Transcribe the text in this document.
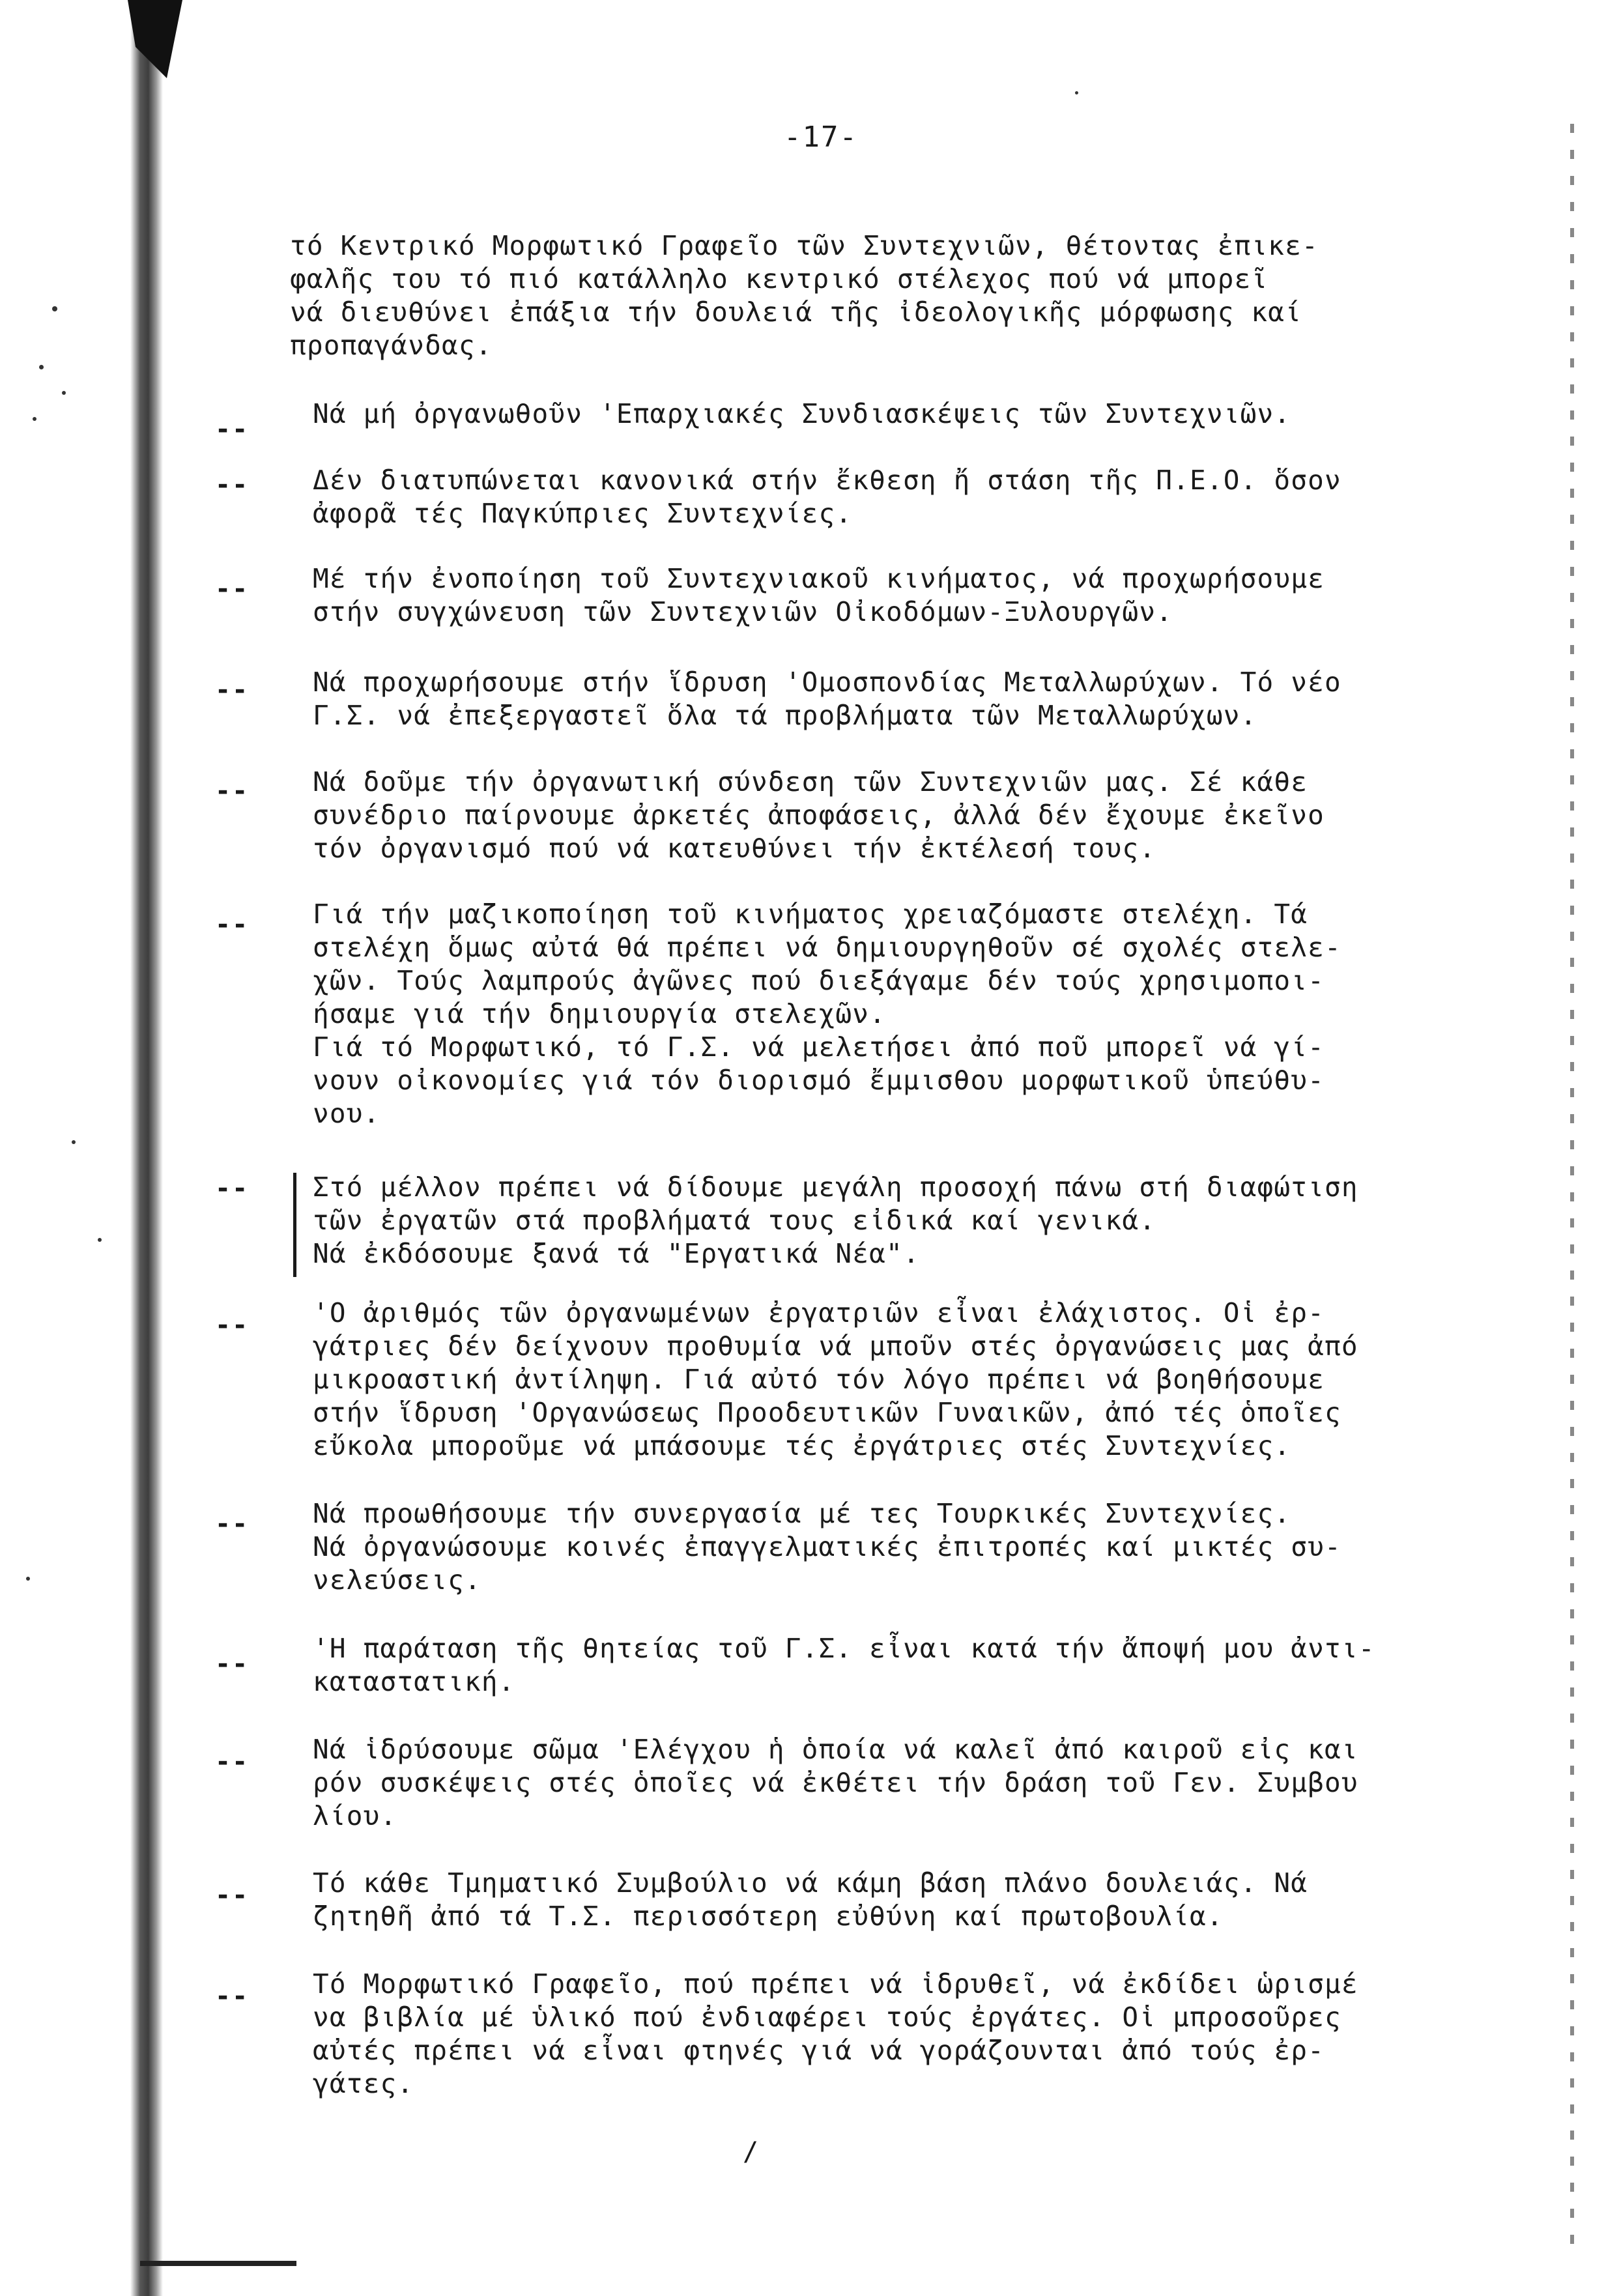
-17-
τό Κεντρικό Μορφωτικό Γραφεῖο τῶν Συντεχνιῶν, θέτοντας ἐπικε-
φαλῆς του τό πιό κατάλληλο κεντρικό στέλεχος πού νά μπορεῖ
νά διευθύνει ἐπάξια τήν δουλειά τῆς ἰδεολογικῆς μόρφωσης καί
προπαγάνδας.
--	Νά μή ὀργανωθοῦν 'Επαρχιακές Συνδιασκέψεις τῶν Συντεχνιῶν.
--	Δέν διατυπώνεται κανονικά στήν ἔκθεση ἤ στάση τῆς Π.Ε.Ο. ὅσον
ἀφορᾶ τές Παγκύπριες Συντεχνίες.
--	Μέ τήν ἐνοποίηση τοῦ Συντεχνιακοῦ κινήματος, νά προχωρήσουμε
στήν συγχώνευση τῶν Συντεχνιῶν Οἰκοδόμων-Ξυλουργῶν.
--	Νά προχωρήσουμε στήν ἵδρυση 'Ομοσπονδίας Μεταλλωρύχων. Τό νέο
Γ.Σ. νά ἐπεξεργαστεῖ ὅλα τά προβλήματα τῶν Μεταλλωρύχων.
--	Νά δοῦμε τήν ὀργανωτική σύνδεση τῶν Συντεχνιῶν μας. Σέ κάθε
συνέδριο παίρνουμε ἀρκετές ἀποφάσεις, ἀλλά δέν ἔχουμε ἐκεῖνο
τόν ὀργανισμό πού νά κατευθύνει τήν ἐκτέλεσή τους.
--	Γιά τήν μαζικοποίηση τοῦ κινήματος χρειαζόμαστε στελέχη. Τά
στελέχη ὅμως αὐτά θά πρέπει νά δημιουργηθοῦν σέ σχολές στελε-
χῶν. Τούς λαμπρούς ἀγῶνες πού διεξάγαμε δέν τούς χρησιμοποι-
ήσαμε γιά τήν δημιουργία στελεχῶν.
Γιά τό Μορφωτικό, τό Γ.Σ. νά μελετήσει ἀπό ποῦ μπορεῖ νά γί-
νουν οἰκονομίες γιά τόν διορισμό ἔμμισθου μορφωτικοῦ ὑπεύθυ-
νου.
--	Στό μέλλον πρέπει νά δίδουμε μεγάλη προσοχή πάνω στή διαφώτιση
τῶν ἐργατῶν στά προβλήματά τους εἰδικά καί γενικά.
Νά ἐκδόσουμε ξανά τά "Εργατικά Νέα".
--	'Ο ἀριθμός τῶν ὀργανωμένων ἐργατριῶν εἶναι ἐλάχιστος. Οἱ ἐρ-
γάτριες δέν δείχνουν προθυμία νά μποῦν στές ὀργανώσεις μας ἀπό
μικροαστική ἀντίληψη. Γιά αὐτό τόν λόγο πρέπει νά βοηθήσουμε
στήν ἵδρυση 'Οργανώσεως Προοδευτικῶν Γυναικῶν, ἀπό τές ὁποῖες
εὔκολα μποροῦμε νά μπάσουμε τές ἐργάτριες στές Συντεχνίες.
--	Νά προωθήσουμε τήν συνεργασία μέ τες Τουρκικές Συντεχνίες.
Νά ὀργανώσουμε κοινές ἐπαγγελματικές ἐπιτροπές καί μικτές συ-
νελεύσεις.
--	'Η παράταση τῆς θητείας τοῦ Γ.Σ. εἶναι κατά τήν ἄποψή μου ἀντι-
καταστατική.
--	Νά ἱδρύσουμε σῶμα 'Ελέγχου ἡ ὁποία νά καλεῖ ἀπό καιροῦ εἰς και
ρόν συσκέψεις στές ὁποῖες νά ἐκθέτει τήν δράση τοῦ Γεν. Συμβου
λίου.
--	Τό κάθε Τμηματικό Συμβούλιο νά κάμη βάση πλάνο δουλειάς. Νά
ζητηθῆ ἀπό τά Τ.Σ. περισσότερη εὐθύνη καί πρωτοβουλία.
--	Τό Μορφωτικό Γραφεῖο, πού πρέπει νά ἱδρυθεῖ, νά ἐκδίδει ὡρισμέ
να βιβλία μέ ὑλικό πού ἐνδιαφέρει τούς ἐργάτες. Οἱ μπροσοῦρες
αὐτές πρέπει νά εἶναι φτηνές γιά νά γοράζουνται ἀπό τούς ἐρ-
γάτες.
/
